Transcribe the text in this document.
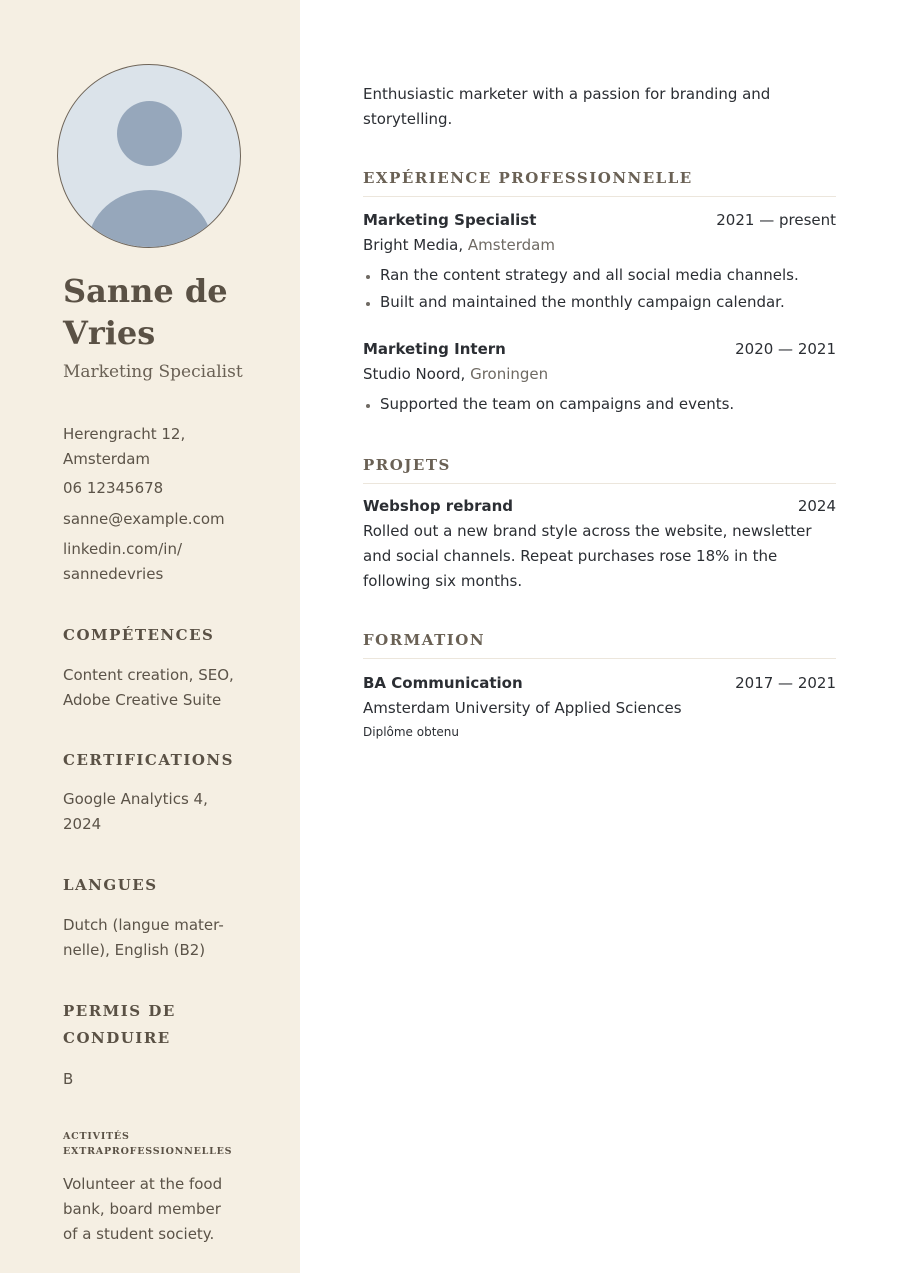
Sanne de Vries
Marketing Specialist
Herengracht 12, Amsterdam
06 12345678
sanne@example.com
linkedin.com/in/ sannedevries
COMPÉTENCES
Content creation, SEO, Adobe Creative Suite
CERTIFICATIONS
Google Analytics 4, 2024
LANGUES
Dutch (langue mater- nelle), English (B2)
PERMIS DE CONDUIRE
B
ACTIVITÉS EXTRAPROFESSIONNELLES
Volunteer at the food bank, board member of a student society.
Enthusiastic marketer with a passion for branding and storytelling.
EXPÉRIENCE PROFESSIONNELLE
Marketing Specialist	2021 — present
Bright Media, Amsterdam
• Ran the content strategy and all social media channels.
• Built and maintained the monthly campaign calendar.
Marketing Intern	2020 — 2021
Studio Noord, Groningen
• Supported the team on campaigns and events.
PROJETS
Webshop rebrand	2024
Rolled out a new brand style across the website, newsletter and social channels. Repeat purchases rose 18% in the following six months.
FORMATION
BA Communication	2017 — 2021
Amsterdam University of Applied Sciences
Diplôme obtenu
